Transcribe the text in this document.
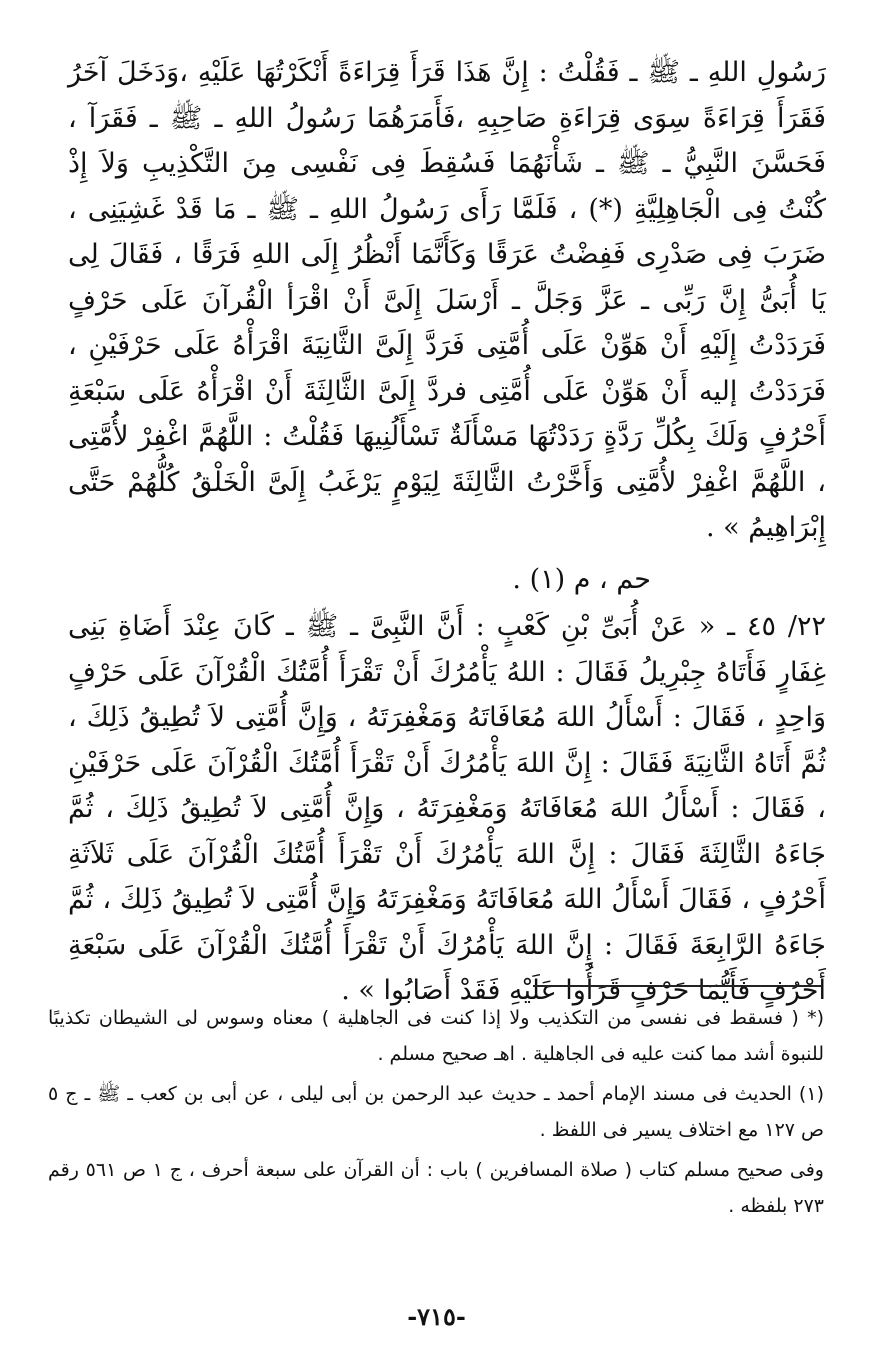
رَسُولِ اللهِ ـ ﷺ ـ فَقُلْتُ : إِنَّ هَذَا قَرَأَ قِرَاءَةً أَنْكَرْتُهَا عَلَيْهِ ،وَدَخَلَ آخَرُ فَقَرَأَ قِرَاءَةً سِوَى قِرَاءَةِ صَاحِبِهِ ،فَأَمَرَهُمَا رَسُولُ اللهِ ـ ﷺ ـ فَقَرَآ ، فَحَسَّنَ النَّبِيُّ ـ ﷺ ـ شَأْنَهُمَا فَسُقِطَ فِى نَفْسِى مِنَ التَّكْذِيبِ وَلاَ إِذْ كُنْتُ فِى الْجَاهِلِيَّةِ (*) ، فَلَمَّا رَأَى رَسُولُ اللهِ ـ ﷺ ـ مَا قَدْ غَشِيَنِى ، ضَرَبَ فِى صَدْرِى فَفِضْتُ عَرَقًا وَكَأَنَّمَا أَنْظُرُ إِلَى اللهِ فَرَقًا ، فَقَالَ لِى يَا أُبَىُّ إِنَّ رَبِّى ـ عَزَّ وَجَلَّ ـ أَرْسَلَ إِلَىَّ أَنْ اقْرَأ الْقُرآنَ عَلَى حَرْفٍ فَرَدَدْتُ إِلَيْهِ أَنْ هَوِّنْ عَلَى أُمَّتِى فَرَدَّ إِلَىَّ الثَّانِيَةَ اقْرَأْهُ عَلَى حَرْفَيْنِ ، فَرَدَدْتُ إليه أَنْ هَوِّنْ عَلَى أُمَّتِى فردَّ إِلَىَّ الثَّالِثَةَ أَنْ اقْرَأْهُ عَلَى سَبْعَةِ أَحْرُفٍ وَلَكَ بِكُلِّ رَدَّةٍ رَدَدْتُهَا مَسْأَلَةٌ تَسْأَلُنِيهَا فَقُلْتُ : اللَّهُمَّ اغْفِرْ لأُمَّتِى ، اللَّهُمَّ اغْفِرْ لأُمَّتِى وَأَخَّرْتُ الثَّالِثَةَ لِيَوْمٍ يَرْغَبُ إِلَىَّ الْخَلْقُ كُلُّهُمْ حَتَّى إِبْرَاهِيمُ » .

حم ، م (١) .

٢٢/ ٤٥ ـ « عَنْ أُبَىِّ بْنِ كَعْبٍ : أَنَّ النَّبِىَّ ـ ﷺ ـ كَانَ عِنْدَ أَضَاةِ بَنِى غِفَارٍ فَأَتَاهُ جِبْرِيلُ فَقَالَ : اللهُ يَأْمُرُكَ أَنْ تَقْرَأَ أُمَّتُكَ الْقُرْآنَ عَلَى حَرْفٍ وَاحِدٍ ، فَقَالَ : أَسْأَلُ اللهَ مُعَافَاتَهُ وَمَغْفِرَتَهُ ، وَإِنَّ أُمَّتِى لاَ تُطِيقُ ذَلِكَ ، ثُمَّ أَتَاهُ الثَّانِيَةَ فَقَالَ : إِنَّ اللهَ يَأْمُرُكَ أَنْ تَقْرَأَ أُمَّتُكَ الْقُرْآنَ عَلَى حَرْفَيْنِ ، فَقَالَ : أَسْأَلُ اللهَ مُعَافَاتَهُ وَمَغْفِرَتَهُ ، وَإِنَّ أُمَّتِى لاَ تُطِيقُ ذَلِكَ ، ثُمَّ جَاءَهُ الثَّالِثَةَ فَقَالَ : إِنَّ اللهَ يَأْمُرُكَ أَنْ تَقْرَأَ أُمَّتُكَ الْقُرْآنَ عَلَى ثَلاَثَةِ أَحْرُفٍ ، فَقَالَ أَسْأَلُ اللهَ مُعَافَاتَهُ وَمَغْفِرَتَهُ وَإِنَّ أُمَّتِى لاَ تُطِيقُ ذَلِكَ ، ثُمَّ جَاءَهُ الرَّابِعَةَ فَقَالَ : إِنَّ اللهَ يَأْمُرُكَ أَنْ تَقْرَأَ أُمَّتُكَ الْقُرْآنَ عَلَى سَبْعَةِ أَحْرُفٍ فَأَيُّمَا حَرْفٍ قَرَأُوا عَلَيْهِ فَقَدْ أَصَابُوا » .

(* ( فسقط فى نفسى من التكذيب ولا إذا كنت فى الجاهلية ) معناه وسوس لى الشيطان تكذيبًا للنبوة أشد مما كنت عليه فى الجاهلية . اهـ صحيح مسلم .

(١) الحديث فى مسند الإمام أحمد ـ حديث عبد الرحمن بن أبى ليلى ، عن أبى بن كعب ـ ﷺ ـ ج ٥ ص ١٢٧ مع اختلاف يسير فى اللفظ .

وفى صحيح مسلم كتاب ( صلاة المسافرين ) باب : أن القرآن على سبعة أحرف ، ج ١ ص ٥٦١ رقم ٢٧٣ بلفظه .

-٧١٥-
